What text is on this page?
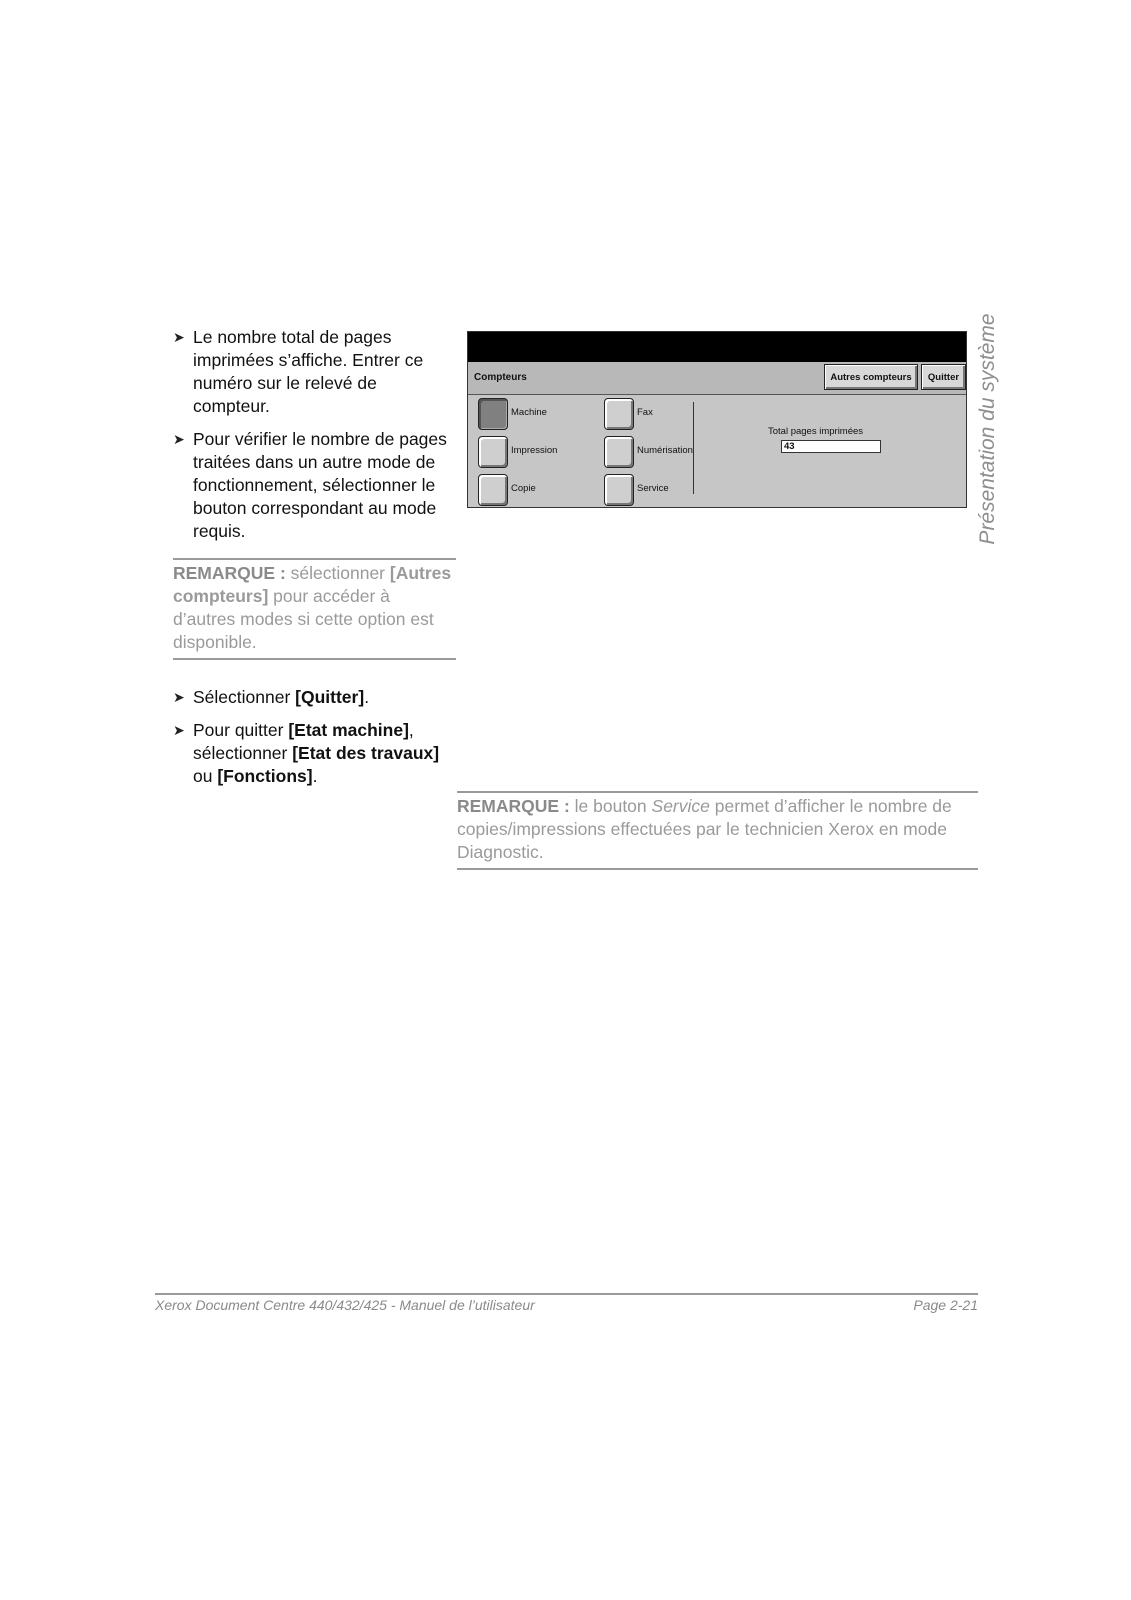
Présentation du système
➤ Le nombre total de pages imprimées s’affiche. Entrer ce numéro sur le relevé de compteur.
➤ Pour vérifier le nombre de pages traitées dans un autre mode de fonctionnement, sélectionner le bouton correspondant au mode requis.
REMARQUE : sélectionner [Autres compteurs] pour accéder à d’autres modes si cette option est disponible.
➤ Sélectionner [Quitter].
➤ Pour quitter [Etat machine], sélectionner [Etat des travaux] ou [Fonctions].
Compteurs	Autres compteurs	Quitter
Machine
Impression
Copie
Fax
Numérisation
Service
Total pages imprimées
43
REMARQUE : le bouton Service permet d’afficher le nombre de copies/impressions effectuées par le technicien Xerox en mode Diagnostic.
Xerox Document Centre 440/432/425 - Manuel de l’utilisateur	Page 2-21
